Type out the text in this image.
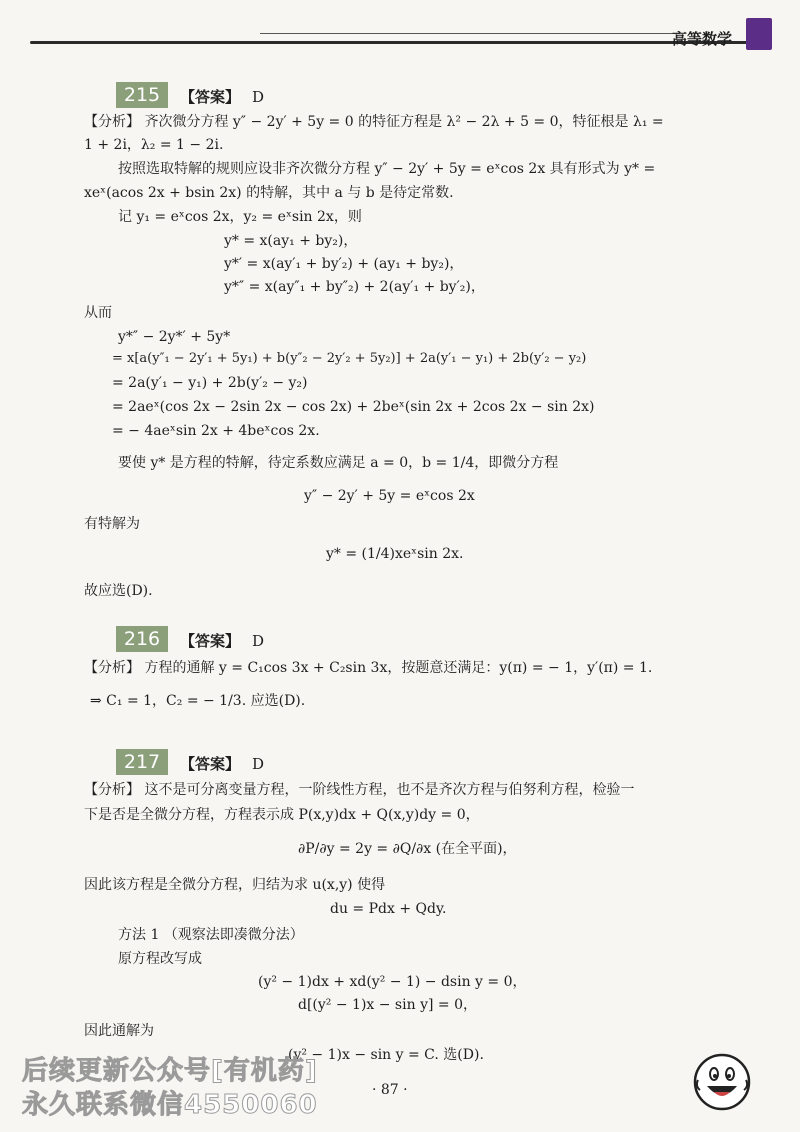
高等数学
215	【答案】 D
【分析】 齐次微分方程 y″ − 2y′ + 5y = 0 的特征方程是 λ² − 2λ + 5 = 0，特征根是 λ₁ =
1 + 2i，λ₂ = 1 − 2i.
按照选取特解的规则应设非齐次微分方程 y″ − 2y′ + 5y = eˣcos 2x 具有形式为 y* =
xeˣ(acos 2x + bsin 2x) 的特解，其中 a 与 b 是待定常数.
记 y₁ = eˣcos 2x，y₂ = eˣsin 2x，则
y* = x(ay₁ + by₂)，
y*′ = x(ay′₁ + by′₂) + (ay₁ + by₂)，
y*″ = x(ay″₁ + by″₂) + 2(ay′₁ + by′₂)，
从而
y*″ − 2y*′ + 5y*
= x[a(y″₁ − 2y′₁ + 5y₁) + b(y″₂ − 2y′₂ + 5y₂)] + 2a(y′₁ − y₁) + 2b(y′₂ − y₂)
= 2a(y′₁ − y₁) + 2b(y′₂ − y₂)
= 2aeˣ(cos 2x − 2sin 2x − cos 2x) + 2beˣ(sin 2x + 2cos 2x − sin 2x)
= − 4aeˣsin 2x + 4beˣcos 2x.
要使 y* 是方程的特解，待定系数应满足 a = 0，b = 1/4，即微分方程
y″ − 2y′ + 5y = eˣcos 2x
有特解为
y* = (1/4)xeˣsin 2x.
故应选(D).
216	【答案】 D
【分析】 方程的通解 y = C₁cos 3x + C₂sin 3x，按题意还满足：y(π) = − 1，y′(π) = 1.
⇒ C₁ = 1，C₂ = − 1/3. 应选(D).
217	【答案】 D
【分析】 这不是可分离变量方程，一阶线性方程，也不是齐次方程与伯努利方程，检验一
下是否是全微分方程，方程表示成 P(x,y)dx + Q(x,y)dy = 0，
∂P/∂y = 2y = ∂Q/∂x (在全平面)，
因此该方程是全微分方程，归结为求 u(x,y) 使得
du = Pdx + Qdy.
方法 1 （观察法即凑微分法）
原方程改写成
(y² − 1)dx + xd(y² − 1) − dsin y = 0，
d[(y² − 1)x − sin y] = 0，
因此通解为
(y² − 1)x − sin y = C. 选(D).
后续更新公众号[有机药]
永久联系微信4550060	· 87 ·
